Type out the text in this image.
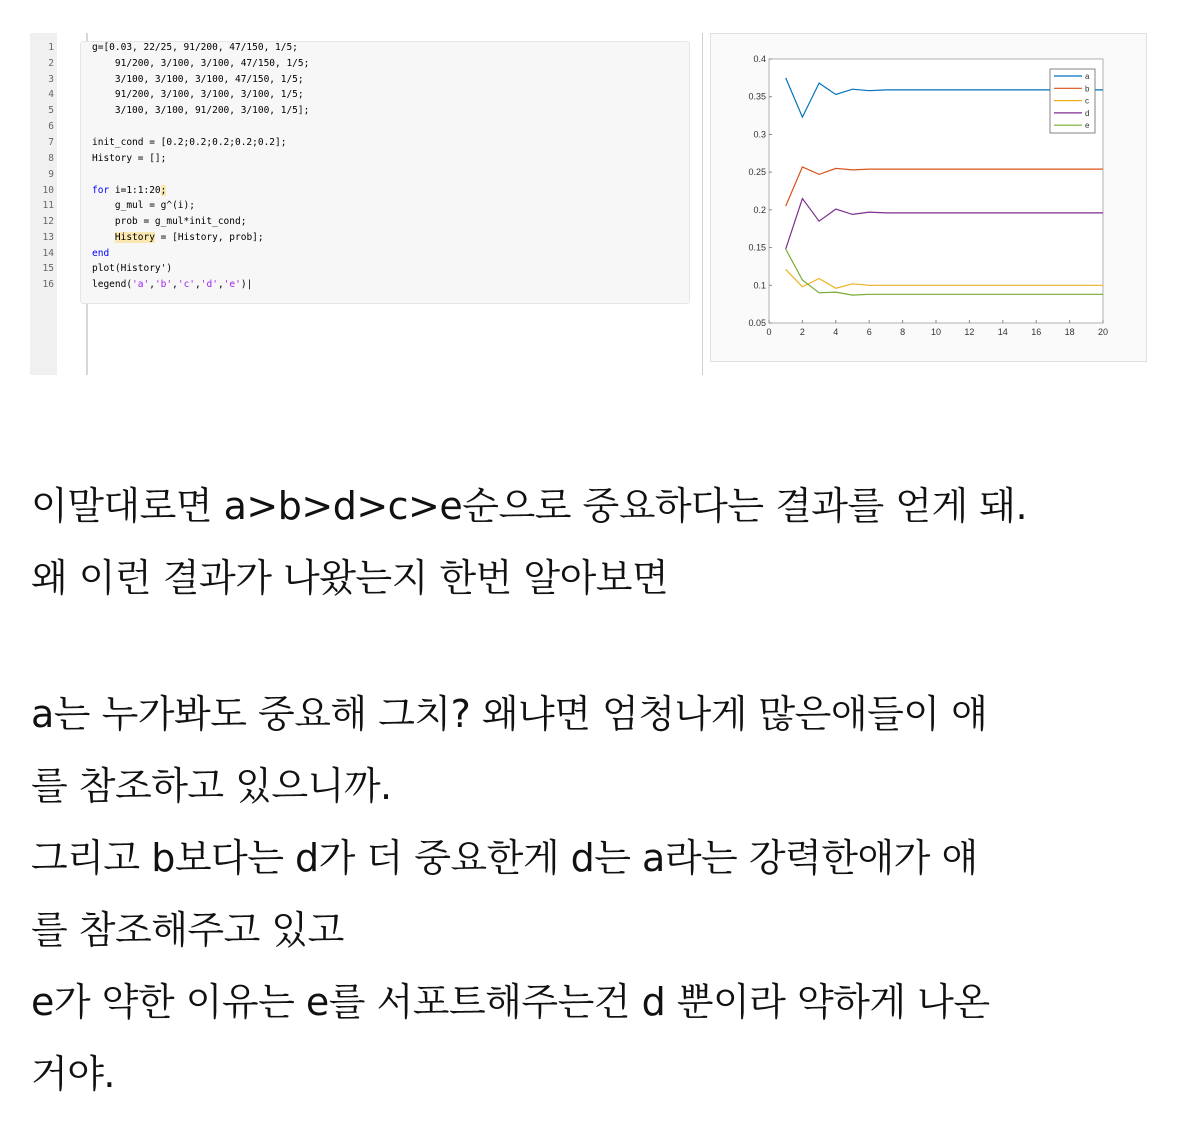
1
2
3
4
5
6
7
8
9
10
11
12
13
14
15
16
g=[0.03, 22/25, 91/200, 47/150, 1/5;
91/200, 3/100, 3/100, 47/150, 1/5;
3/100, 3/100, 3/100, 47/150, 1/5;
91/200, 3/100, 3/100, 3/100, 1/5;
3/100, 3/100, 91/200, 3/100, 1/5];
init_cond = [0.2;0.2;0.2;0.2;0.2];
History = [];
for i=1:1:20;
g_mul = g^(i);
prob = g_mul*init_cond;
History = [History, prob];
end
plot(History')
legend('a','b','c','d','e')|
0	2	4	6	8	10	12	14	16	18	20
0.05
0.1
0.15
0.2
0.25
0.3
0.35
0.4
a
b
c
d
e
이말대로면 a>b>d>c>e순으로 중요하다는 결과를 얻게 돼.
왜 이런 결과가 나왔는지 한번 알아보면
a는 누가봐도 중요해 그치? 왜냐면 엄청나게 많은애들이 얘
를 참조하고 있으니까.
그리고 b보다는 d가 더 중요한게 d는 a라는 강력한애가 얘
를 참조해주고 있고
e가 약한 이유는 e를 서포트해주는건 d 뿐이라 약하게 나온
거야.
